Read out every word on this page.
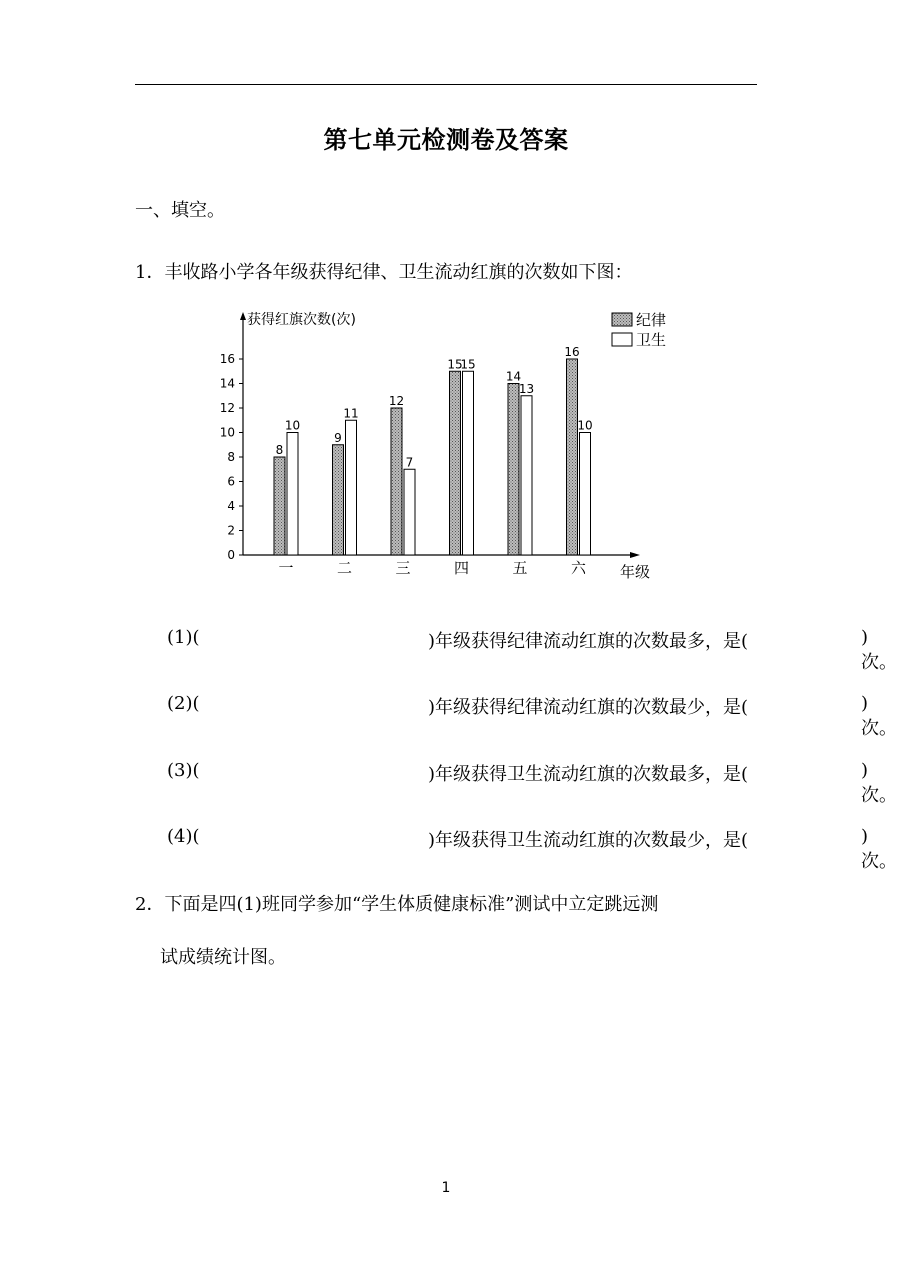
第七单元检测卷及答案
一、填空。
1．丰收路小学各年级获得纪律、卫生流动红旗的次数如下图：
0
2
4
6
8
10
12
14
16
获得红旗次数(次)
年级
8
10
一
9
11
二
12
7
三
15
15
四
14
13
五
16
10
六
纪律
卫生
(1)(	)年级获得纪律流动红旗的次数最多，是(	)次。
(2)(	)年级获得纪律流动红旗的次数最少，是(	)次。
(3)(	)年级获得卫生流动红旗的次数最多，是(	)次。
(4)(	)年级获得卫生流动红旗的次数最少，是(	)次。
2．下面是四(1)班同学参加“学生体质健康标准”测试中立定跳远测
试成绩统计图。
1
